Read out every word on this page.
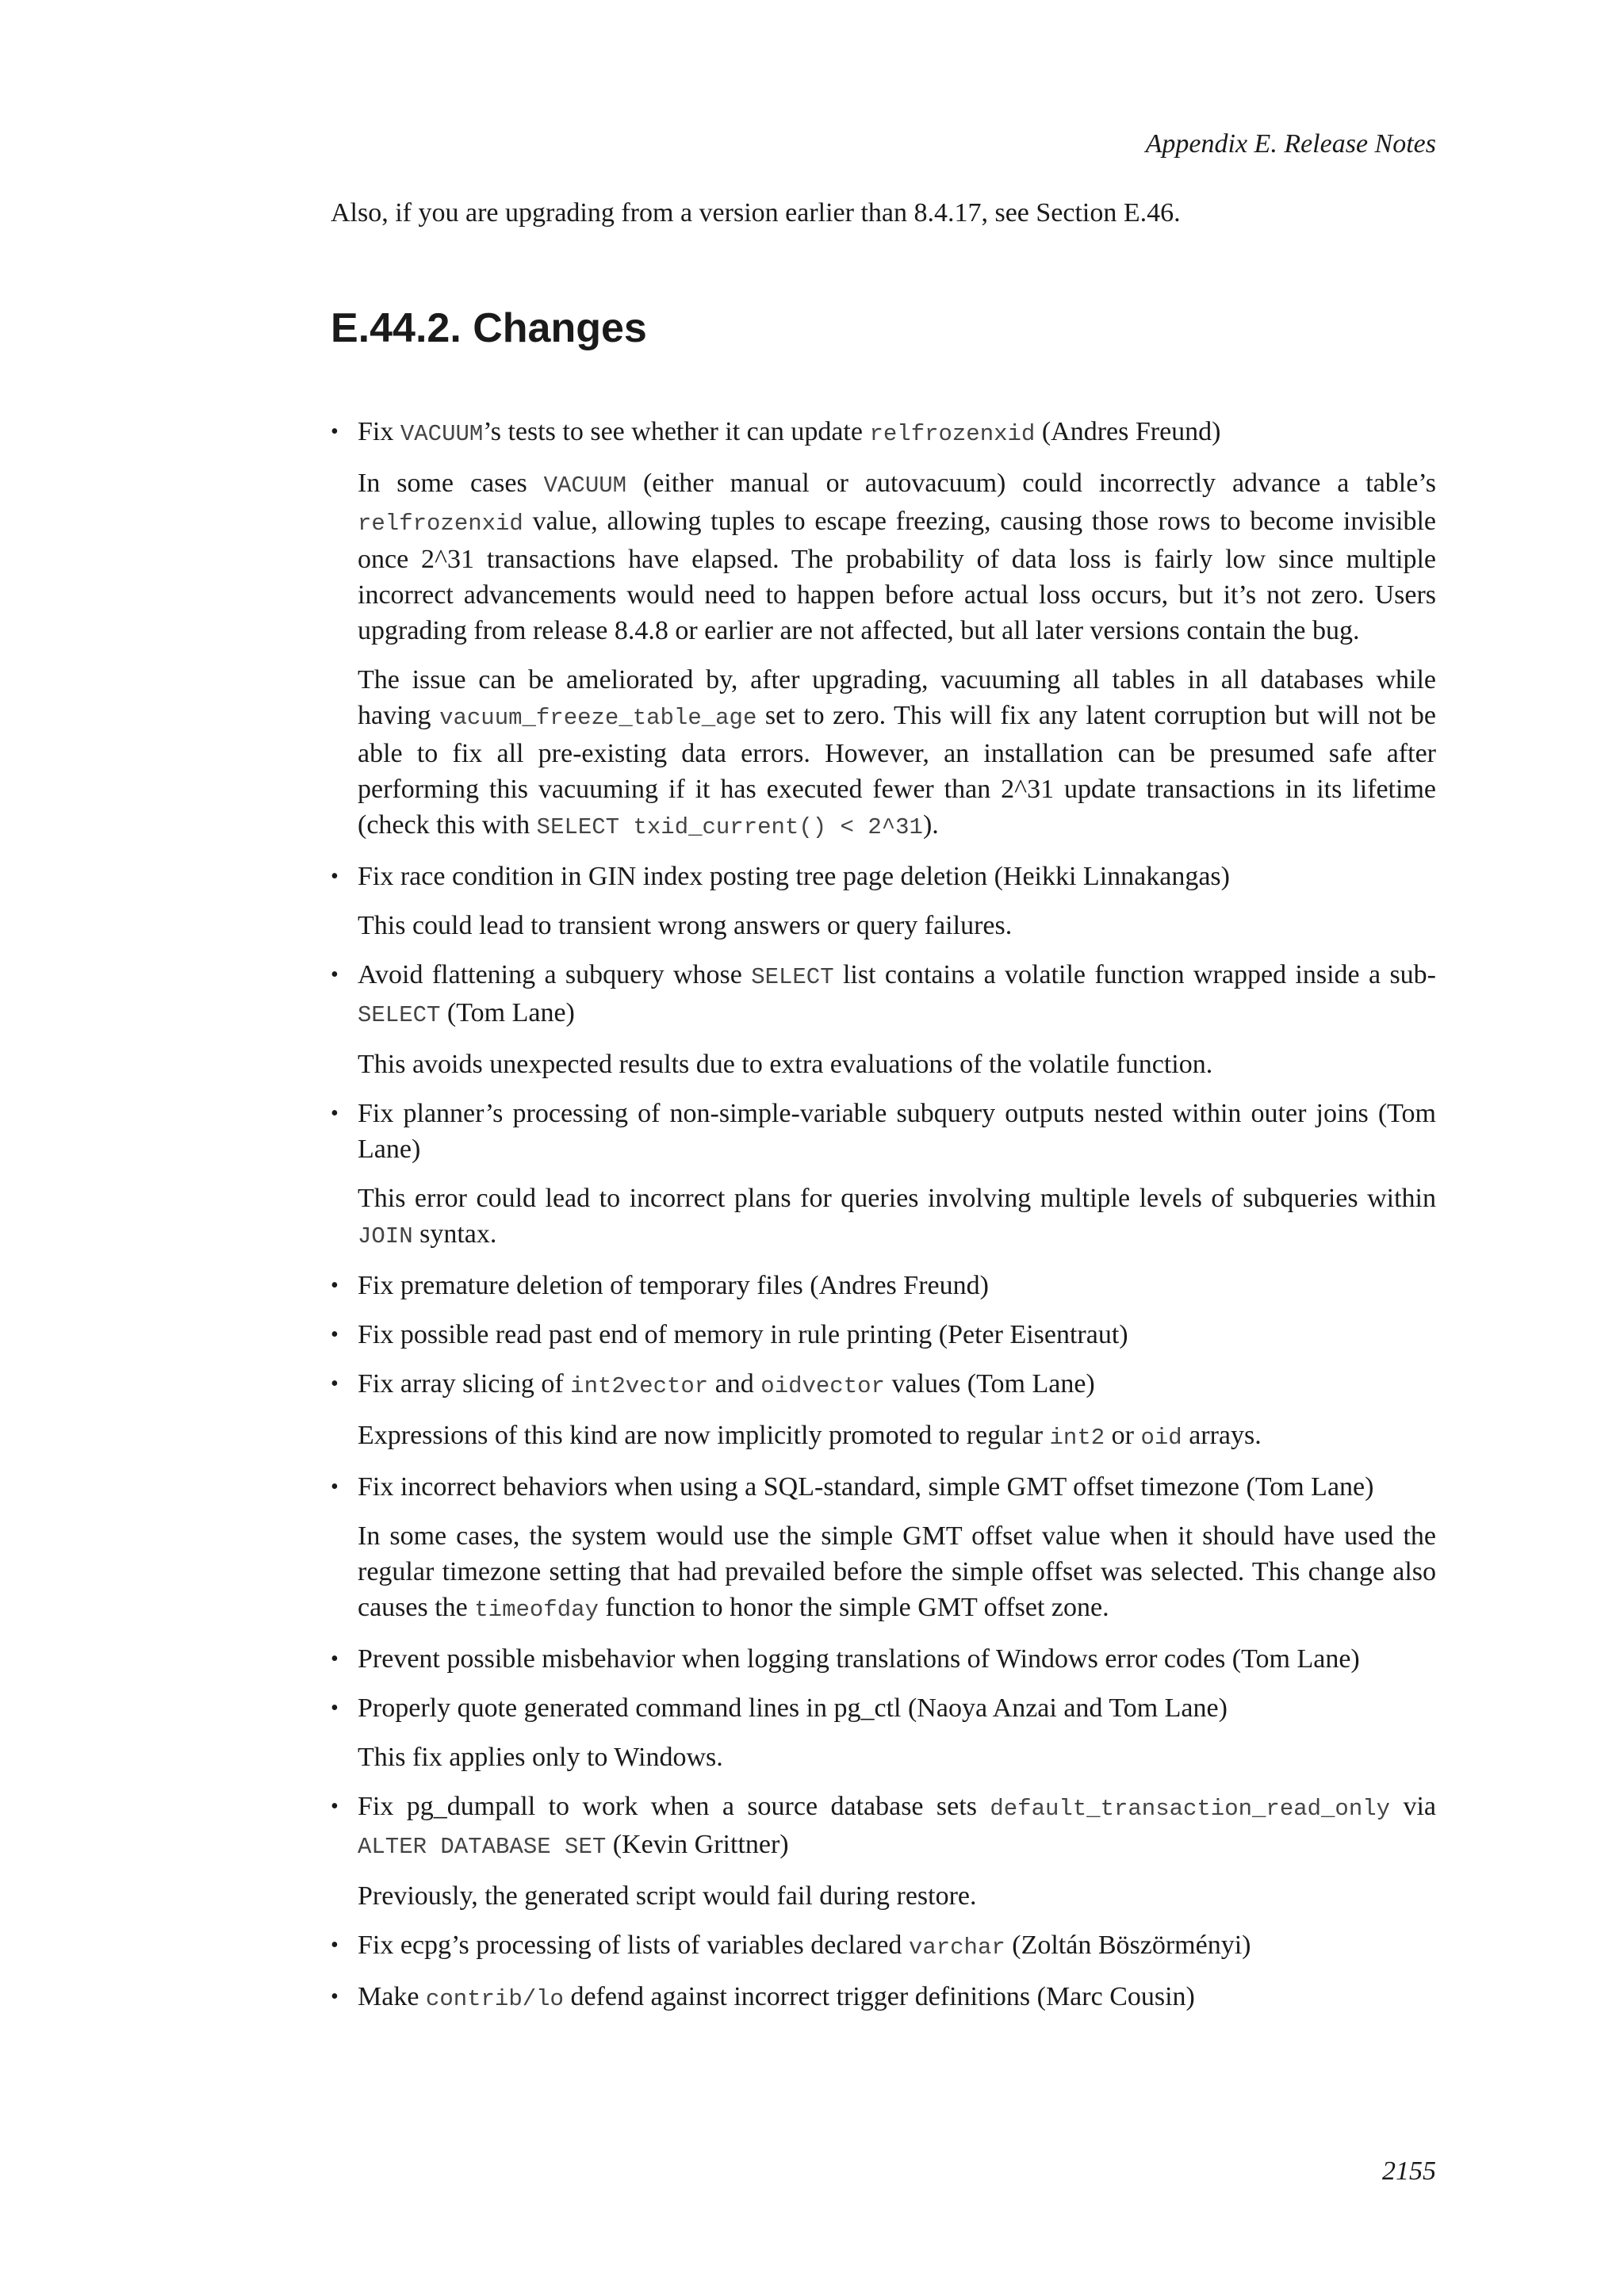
Appendix E. Release Notes
Also, if you are upgrading from a version earlier than 8.4.17, see Section E.46.
E.44.2. Changes
• Fix VACUUM’s tests to see whether it can update relfrozenxid (Andres Freund)

In some cases VACUUM (either manual or autovacuum) could incorrectly advance a table’s relfrozenxid value, allowing tuples to escape freezing, causing those rows to become invisible once 2^31 transactions have elapsed. The probability of data loss is fairly low since multiple incorrect advancements would need to happen before actual loss occurs, but it’s not zero. Users upgrading from release 8.4.8 or earlier are not affected, but all later versions contain the bug.

The issue can be ameliorated by, after upgrading, vacuuming all tables in all databases while having vacuum_freeze_table_age set to zero. This will fix any latent corruption but will not be able to fix all pre-existing data errors. However, an installation can be presumed safe after performing this vacuuming if it has executed fewer than 2^31 update transactions in its lifetime (check this with SELECT txid_current() < 2^31).

• Fix race condition in GIN index posting tree page deletion (Heikki Linnakangas)

This could lead to transient wrong answers or query failures.

• Avoid flattening a subquery whose SELECT list contains a volatile function wrapped inside a sub-SELECT (Tom Lane)

This avoids unexpected results due to extra evaluations of the volatile function.

• Fix planner’s processing of non-simple-variable subquery outputs nested within outer joins (Tom Lane)

This error could lead to incorrect plans for queries involving multiple levels of subqueries within JOIN syntax.

• Fix premature deletion of temporary files (Andres Freund)

• Fix possible read past end of memory in rule printing (Peter Eisentraut)

• Fix array slicing of int2vector and oidvector values (Tom Lane)

Expressions of this kind are now implicitly promoted to regular int2 or oid arrays.

• Fix incorrect behaviors when using a SQL-standard, simple GMT offset timezone (Tom Lane)

In some cases, the system would use the simple GMT offset value when it should have used the regular timezone setting that had prevailed before the simple offset was selected. This change also causes the timeofday function to honor the simple GMT offset zone.

• Prevent possible misbehavior when logging translations of Windows error codes (Tom Lane)

• Properly quote generated command lines in pg_ctl (Naoya Anzai and Tom Lane)

This fix applies only to Windows.

• Fix pg_dumpall to work when a source database sets default_transaction_read_only via ALTER DATABASE SET (Kevin Grittner)

Previously, the generated script would fail during restore.

• Fix ecpg’s processing of lists of variables declared varchar (Zoltán Böszörményi)

• Make contrib/lo defend against incorrect trigger definitions (Marc Cousin)

2155
